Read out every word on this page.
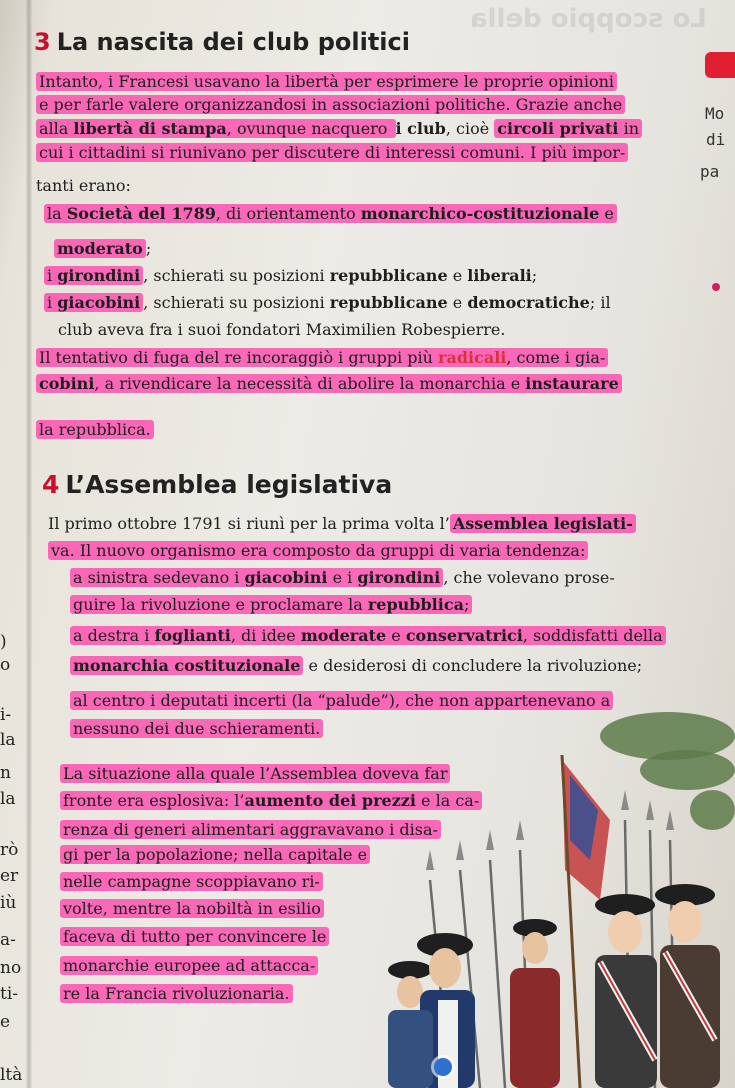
Lo scoppio della
Mo
di
pa
)
o
i-
la
n
la
rò
er
iù
a-
no
ti-
e
ltà
3 La nascita dei club politici
Intanto, i Francesi usavano la libertà per esprimere le proprie opinioni
e per farle valere organizzandosi in associazioni politiche. Grazie anche
alla libertà di stampa, ovunque nacquero i club, cioè circoli privati in
cui i cittadini si riunivano per discutere di interessi comuni. I più impor-
tanti erano:
la Società del 1789, di orientamento monarchico-costituzionale e
moderato ;
i girondini , schierati su posizioni repubblicane e liberali;
i giacobini , schierati su posizioni repubblicane e democratiche; il
club aveva fra i suoi fondatori Maximilien Robespierre.
Il tentativo di fuga del re incoraggiò i gruppi più radicali, come i gia-
cobini, a rivendicare la necessità di abolire la monarchia e instaurare
la repubblica.
4 L’Assemblea legislativa
Il primo ottobre 1791 si riunì per la prima volta l’ Assemblea legislati-
va. Il nuovo organismo era composto da gruppi di varia tendenza:
a sinistra sedevano i giacobini e i girondini , che volevano prose-
guire la rivoluzione e proclamare la repubblica;
a destra i foglianti, di idee moderate e conservatrici, soddisfatti della
monarchia costituzionale e desiderosi di concludere la rivoluzione;
al centro i deputati incerti (la “palude”), che non appartenevano a
nessuno dei due schieramenti.
La situazione alla quale l’Assemblea doveva far
fronte era esplosiva: l’aumento dei prezzi e la ca-
renza di generi alimentari aggravavano i disa-
gi per la popolazione; nella capitale e
nelle campagne scoppiavano ri-
volte, mentre la nobiltà in esilio
faceva di tutto per convincere le
monarchie europee ad attacca-
re la Francia rivoluzionaria.
